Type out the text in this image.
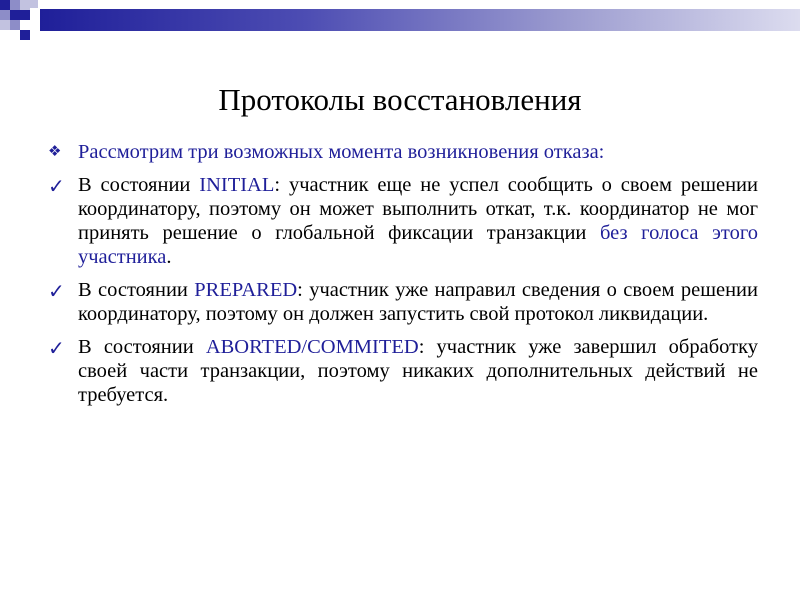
Протоколы восстановления
❖ Рассмотрим три возможных момента возникновения отказа:
✓ В состоянии INITIAL: участник еще не успел сообщить о своем решении координатору, поэтому он может выполнить откат, т.к. координатор не мог принять решение о глобальной фиксации транзакции без голоса этого участника.
✓ В состоянии PREPARED: участник уже направил сведения о своем решении координатору, поэтому он должен запустить свой протокол ликвидации.
✓ В состоянии ABORTED/COMMITED: участник уже завершил обработку своей части транзакции, поэтому никаких дополнительных действий не требуется.
